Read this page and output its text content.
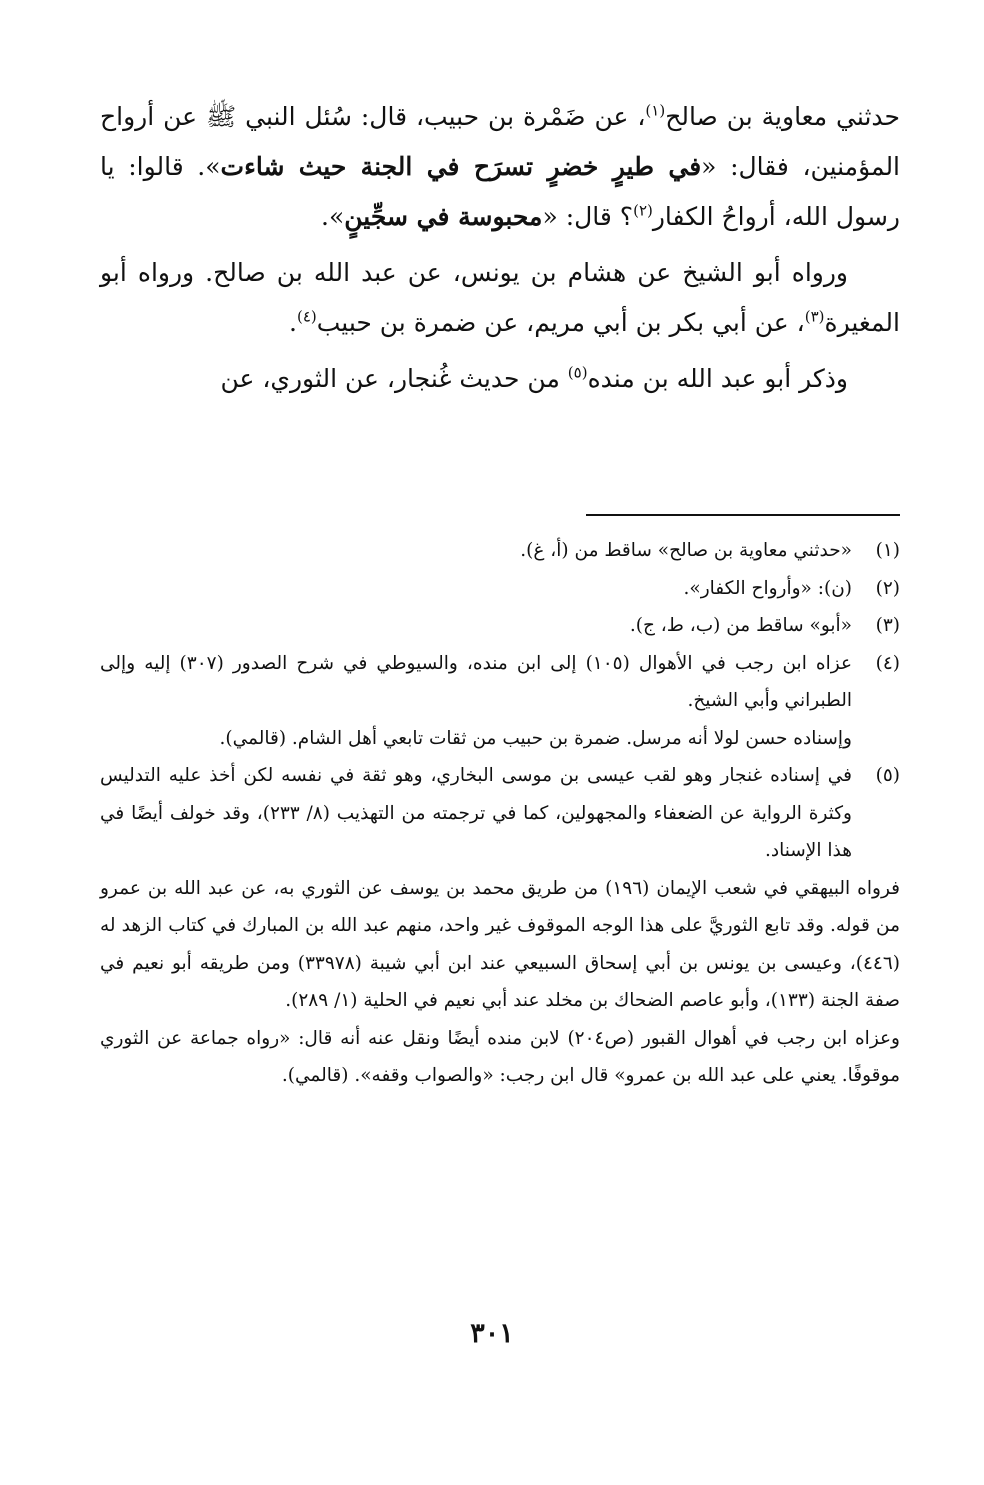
حدثني معاوية بن صالح$^{(١)}$، عن ضَمْرة بن حبيب، قال: سُئل النبي ﷺ عن أرواح المؤمنين، فقال: «في طيرٍ خضرٍ تسرَح في الجنة حيث شاءت». قالوا: يا رسول الله، أرواحُ الكفار$^{(٢)}$؟ قال: «محبوسة في سجِّينٍ».

ورواه أبو الشيخ عن هشام بن يونس، عن عبد الله بن صالح. ورواه أبو المغيرة$^{(٣)}$، عن أبي بكر بن أبي مريم، عن ضمرة بن حبيب$^{(٤)}$.

وذكر أبو عبد الله بن منده$^{(٥)}$ من حديث غُنجار، عن الثوري، عن

(١)
«حدثني معاوية بن صالح» ساقط من (أ، غ).
(٢)
(ن): «وأرواح الكفار».
(٣)
«أبو» ساقط من (ب، ط، ج).
(٤)
عزاه ابن رجب في الأهوال (١٠٥) إلى ابن منده، والسيوطي في شرح الصدور (٣٠٧) إليه وإلى الطبراني وأبي الشيخ.
وإسناده حسن لولا أنه مرسل. ضمرة بن حبيب من ثقات تابعي أهل الشام. (قالمي).
(٥)
في إسناده غنجار وهو لقب عيسى بن موسى البخاري، وهو ثقة في نفسه لكن أخذ عليه التدليس وكثرة الرواية عن الضعفاء والمجهولين، كما في ترجمته من التهذيب (٨/ ٢٣٣)، وقد خولف أيضًا في هذا الإسناد.
فرواه البيهقي في شعب الإيمان (١٩٦) من طريق محمد بن يوسف عن الثوري به، عن عبد الله بن عمرو من قوله. وقد تابع الثوريَّ على هذا الوجه الموقوف غير واحد، منهم عبد الله بن المبارك في كتاب الزهد له (٤٤٦)، وعيسى بن يونس بن أبي إسحاق السبيعي عند ابن أبي شيبة (٣٣٩٧٨) ومن طريقه أبو نعيم في صفة الجنة (١٣٣)، وأبو عاصم الضحاك بن مخلد عند أبي نعيم في الحلية (١/ ٢٨٩).
وعزاه ابن رجب في أهوال القبور (ص٢٠٤) لابن منده أيضًا ونقل عنه أنه قال: «رواه جماعة عن الثوري موقوفًا. يعني على عبد الله بن عمرو» قال ابن رجب: «والصواب وقفه». (قالمي).
٣٠١
